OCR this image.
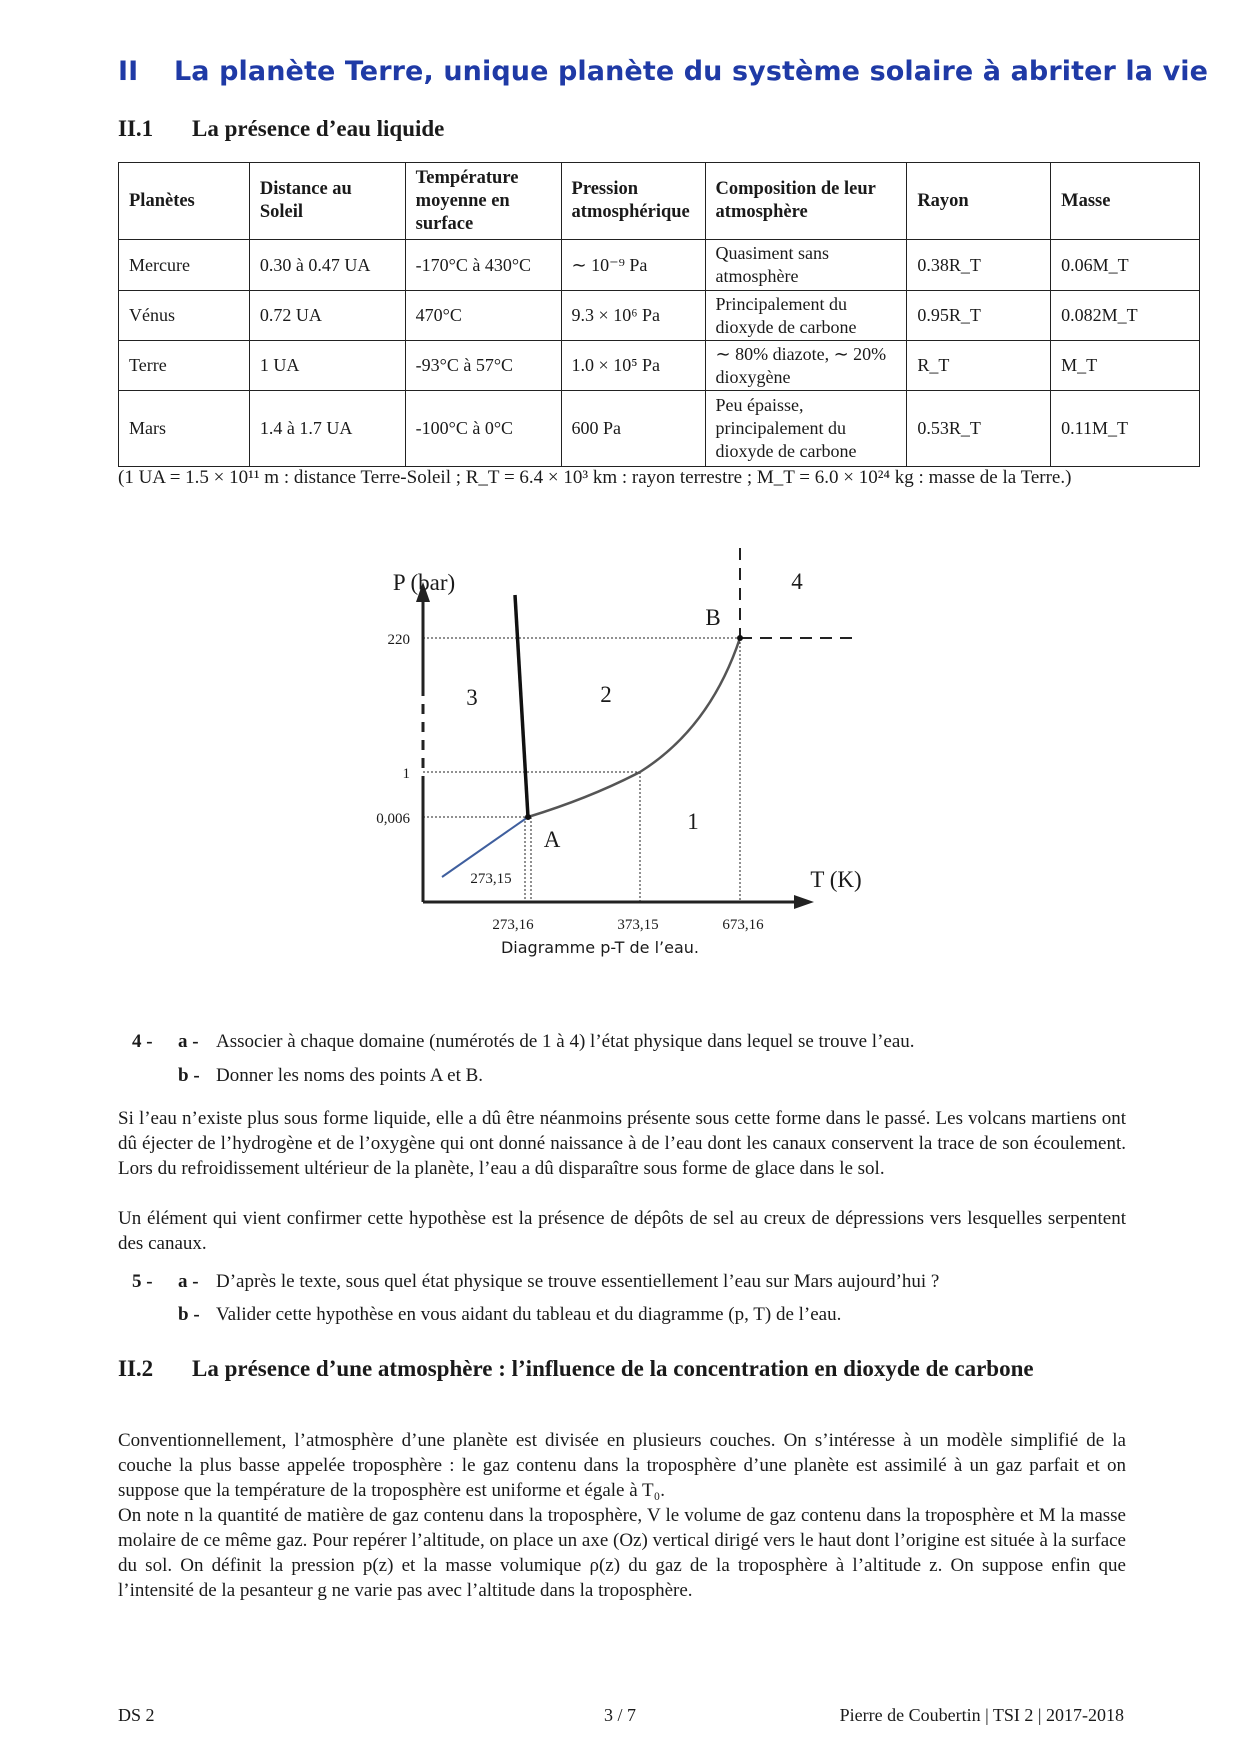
II La planète Terre, unique planète du système solaire à abriter la vie
II.1 La présence d’eau liquide
Planètes	Distance au Soleil	Température moyenne en surface	Pression atmosphérique	Composition de leur atmosphère	Rayon	Masse
Mercure	0.30 à 0.47 UA	-170°C à 430°C	∼ 10⁻⁹ Pa	Quasiment sans atmosphère	0.38R_T	0.06M_T
Vénus	0.72 UA	470°C	9.3 × 10⁶ Pa	Principalement du dioxyde de carbone	0.95R_T	0.082M_T
Terre	1 UA	-93°C à 57°C	1.0 × 10⁵ Pa	∼ 80% diazote, ∼ 20% dioxygène	R_T	M_T
Mars	1.4 à 1.7 UA	-100°C à 0°C	600 Pa	Peu épaisse, principalement du dioxyde de carbone	0.53R_T	0.11M_T
(1 UA = 1.5 × 10¹¹ m : distance Terre-Soleil ; R_T = 6.4 × 10³ km : rayon terrestre ; M_T = 6.0 × 10²⁴ kg : masse de la Terre.)
P (bar)
T (K)
220
1
0,006
273,16	373,15	673,16
273,15
1
2
3
4
A
B
Diagramme p-T de l’eau.
4 - a - Associer à chaque domaine (numérotés de 1 à 4) l’état physique dans lequel se trouve l’eau.
b - Donner les noms des points A et B.
Si l’eau n’existe plus sous forme liquide, elle a dû être néanmoins présente sous cette forme dans le passé. Les volcans martiens ont dû éjecter de l’hydrogène et de l’oxygène qui ont donné naissance à de l’eau dont les canaux conservent la trace de son écoulement. Lors du refroidissement ultérieur de la planète, l’eau a dû disparaître sous forme de glace dans le sol.
Un élément qui vient confirmer cette hypothèse est la présence de dépôts de sel au creux de dépressions vers lesquelles serpentent des canaux.
5 - a - D’après le texte, sous quel état physique se trouve essentiellement l’eau sur Mars aujourd’hui ?
b - Valider cette hypothèse en vous aidant du tableau et du diagramme (p, T) de l’eau.
II.2	La présence d’une atmosphère : l’influence de la concentration en dioxyde de carbone
Conventionnellement, l’atmosphère d’une planète est divisée en plusieurs couches. On s’intéresse à un modèle simplifié de la couche la plus basse appelée troposphère : le gaz contenu dans la troposphère d’une planète est assimilé à un gaz parfait et on suppose que la température de la troposphère est uniforme et égale à T₀.
On note n la quantité de matière de gaz contenu dans la troposphère, V le volume de gaz contenu dans la troposphère et M la masse molaire de ce même gaz. Pour repérer l’altitude, on place un axe (Oz) vertical dirigé vers le haut dont l’origine est située à la surface du sol. On définit la pression p(z) et la masse volumique ρ(z) du gaz de la troposphère à l’altitude z. On suppose enfin que l’intensité de la pesanteur g ne varie pas avec l’altitude dans la troposphère.
DS 2	3 / 7	Pierre de Coubertin | TSI 2 | 2017-2018
